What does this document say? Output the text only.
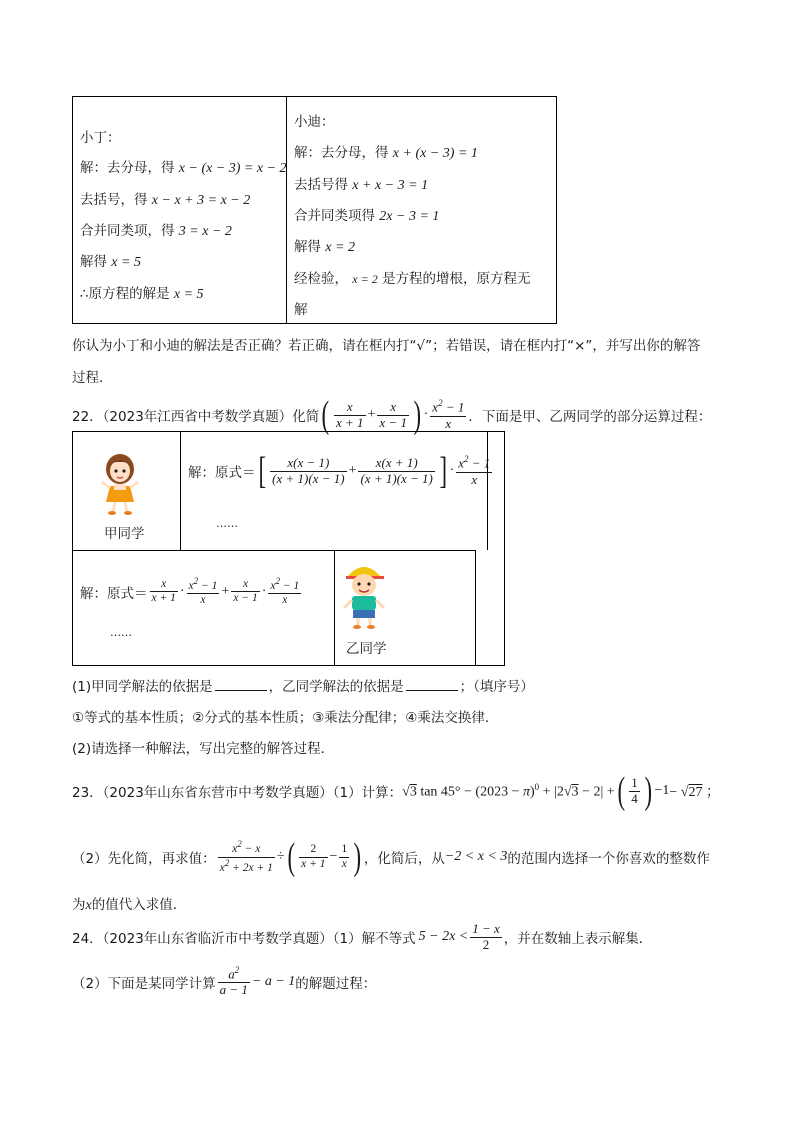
小丁：
解：去分母，得 x − (x − 3) = x − 2
去括号，得 x − x + 3 = x − 2
合并同类项，得 3 = x − 2
解得 x = 5
∴原方程的解是 x = 5
小迪：
解：去分母，得 x + (x − 3) = 1
去括号得 x + x − 3 = 1
合并同类项得 2x − 3 = 1
解得 x = 2
经检验， x = 2 是方程的增根，原方程无
解
你认为小丁和小迪的解法是否正确？若正确，请在框内打“√”；若错误，请在框内打“×”，并写出你的解答
过程．
22．（2023年江西省中考数学真题）化简 ( $\frac{x}{x + 1} + \frac{x}{x - 1}$ ) · $\frac{x^2 - 1}{x}$ ．下面是甲、乙两同学的部分运算过程：
甲同学
解：原式＝ [ $\frac{x(x - 1)}{(x + 1)(x - 1)} + \frac{x(x + 1)}{(x + 1)(x - 1)}$ ] · $\frac{x^2 - 1}{x}$
……
解：原式＝ $\frac{x}{x + 1} \cdot \frac{x^2 - 1}{x} + \frac{x}{x - 1} \cdot \frac{x^2 - 1}{x}$
……
乙同学
(1)甲同学解法的依据是	，乙同学解法的依据是	；（填序号）
①等式的基本性质；②分式的基本性质；③乘法分配律；④乘法交换律．
(2)请选择一种解法，写出完整的解答过程．
23．（2023年山东省东营市中考数学真题）（1）计算： √3 $\tan 45^\circ - (2023 - \pi)^0 + |2√3 - 2|$ + ( $\frac{1}{4}$ ) −1 − √27 ；
（2）先化简，再求值： $\frac{x^2 - x}{x^2 + 2x + 1}$ ÷ ( $\frac{2}{x + 1} - \frac{1}{x}$ ) ，化简后，从 −2 < x < 3 的范围内选择一个你喜欢的整数作
为x的值代入求值．
24．（2023年山东省临沂市中考数学真题）（1）解不等式 $5 - 2x < \frac{1 - x}{2}$ ，并在数轴上表示解集．
（2）下面是某同学计算 $\frac{a^2}{a - 1} - a - 1$ 的解题过程：
